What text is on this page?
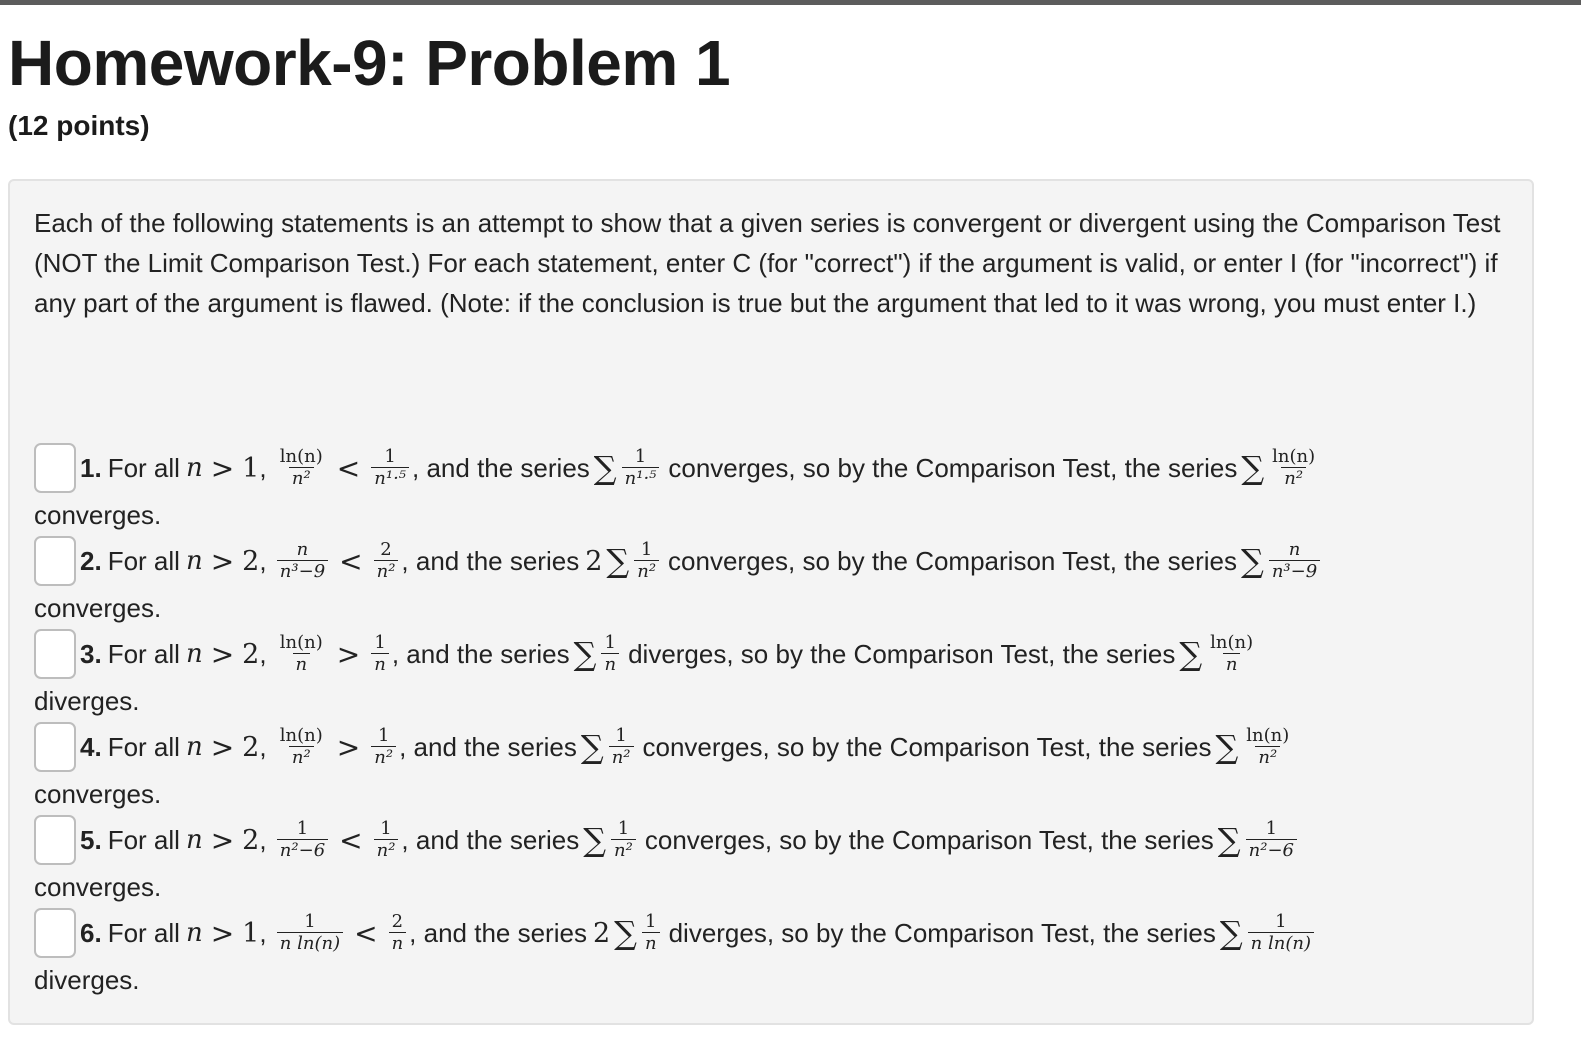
Homework-9: Problem 1
(12 points)
Each of the following statements is an attempt to show that a given series is convergent or divergent using the Comparison Test (NOT the Limit Comparison Test.) For each statement, enter C (for "correct") if the argument is valid, or enter I (for "incorrect") if any part of the argument is flawed. (Note: if the conclusion is true but the argument that led to it was wrong, you must enter I.)
1. For all n > 1 , $\frac{\ln(n)}{\text{n²}} < \frac{1}{\text{n¹·⁵}}$ , and the series ∑ $\frac{1}{\text{n¹·⁵}}$ converges , so by the Comparison Test, the series ∑ $\frac{\ln(n)}{\text{n²}}$
converges.
2. For all n > 2 , $\frac{n}{\text{n³−9}} < \frac{2}{\text{n²}}$ , and the series 2 ∑ $\frac{1}{\text{n²}}$ converges , so by the Comparison Test, the series ∑ $\frac{n}{\text{n³−9}}$
converges.
3. For all n > 2 , $\frac{\ln(n)}{n} > \frac{1}{n}$ , and the series ∑ $\frac{1}{n}$ diverges , so by the Comparison Test, the series ∑ $\frac{\ln(n)}{n}$
diverges.
4. For all n > 2 , $\frac{\ln(n)}{\text{n²}} > \frac{1}{\text{n²}}$ , and the series ∑ $\frac{1}{\text{n²}}$ converges , so by the Comparison Test, the series ∑ $\frac{\ln(n)}{\text{n²}}$
converges.
5. For all n > 2 , $\frac{1}{\text{n²−6}} < \frac{1}{\text{n²}}$ , and the series ∑ $\frac{1}{\text{n²}}$ converges , so by the Comparison Test, the series ∑ $\frac{1}{\text{n²−6}}$
converges.
6. For all n > 1 , $\frac{1}{\text{n ln(n)}} < \frac{2}{n}$ , and the series 2 ∑ $\frac{1}{n}$ diverges , so by the Comparison Test, the series ∑ $\frac{1}{\text{n ln(n)}}$
diverges.
